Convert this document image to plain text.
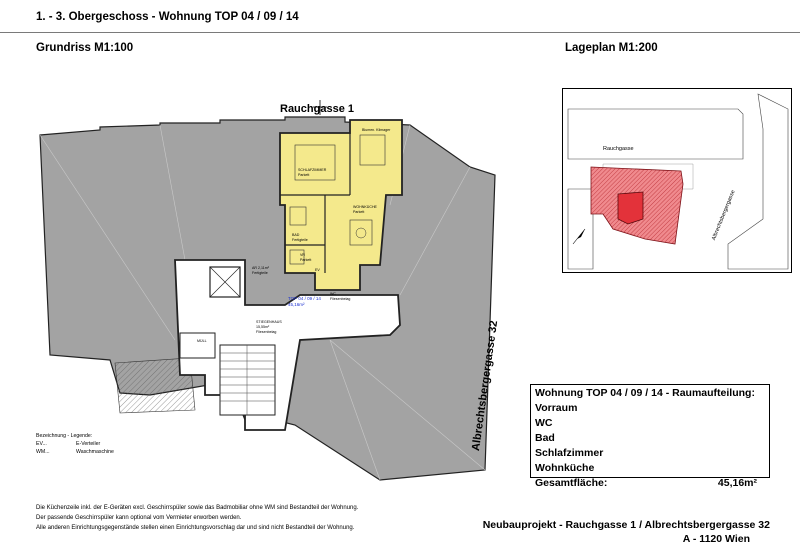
1. - 3. Obergeschoss - Wohnung TOP 04 / 09 / 14
Grundriss M1:100	Lageplan M1:200
Rauchgasse 1
Albrechtsbergergasse 32
SCHLAFZIMMER
Parkett
WOHNKÜCHE
Parkett
BAD
Fertigteile
VR
Parkett
WC
Fliesenbelag
STIEGENHAUS
15,55m²
Fliesenbelag
AR 2,11m²
Fertigteile
MÜLL
Blumen. Klimager
EV
TOP 04 / 09 / 14
45,16m²
Rauchgasse
Albrechtsbergergasse
Bezeichnung - Legende:
EV...	E-Verteiler
WM...	Waschmaschine
Wohnung TOP 04 / 09 / 14 - Raumaufteilung:
Vorraum
WC
Bad
Schlafzimmer
Wohnküche
Gesamtfläche:	45,16m²
Die Küchenzeile inkl. der E-Geräten excl. Geschirrspüler sowie das Badmobiliar ohne WM sind Bestandteil der Wohnung.
Der passende Geschirrspüler kann optional vom Vermieter erworben werden.
Alle anderen Einrichtungsgegenstände stellen einen Einrichtungsvorschlag dar und sind nicht Bestandteil der Wohnung.	Neubauprojekt - Rauchgasse 1 / Albrechtsbergergasse 32
A - 1120 Wien
